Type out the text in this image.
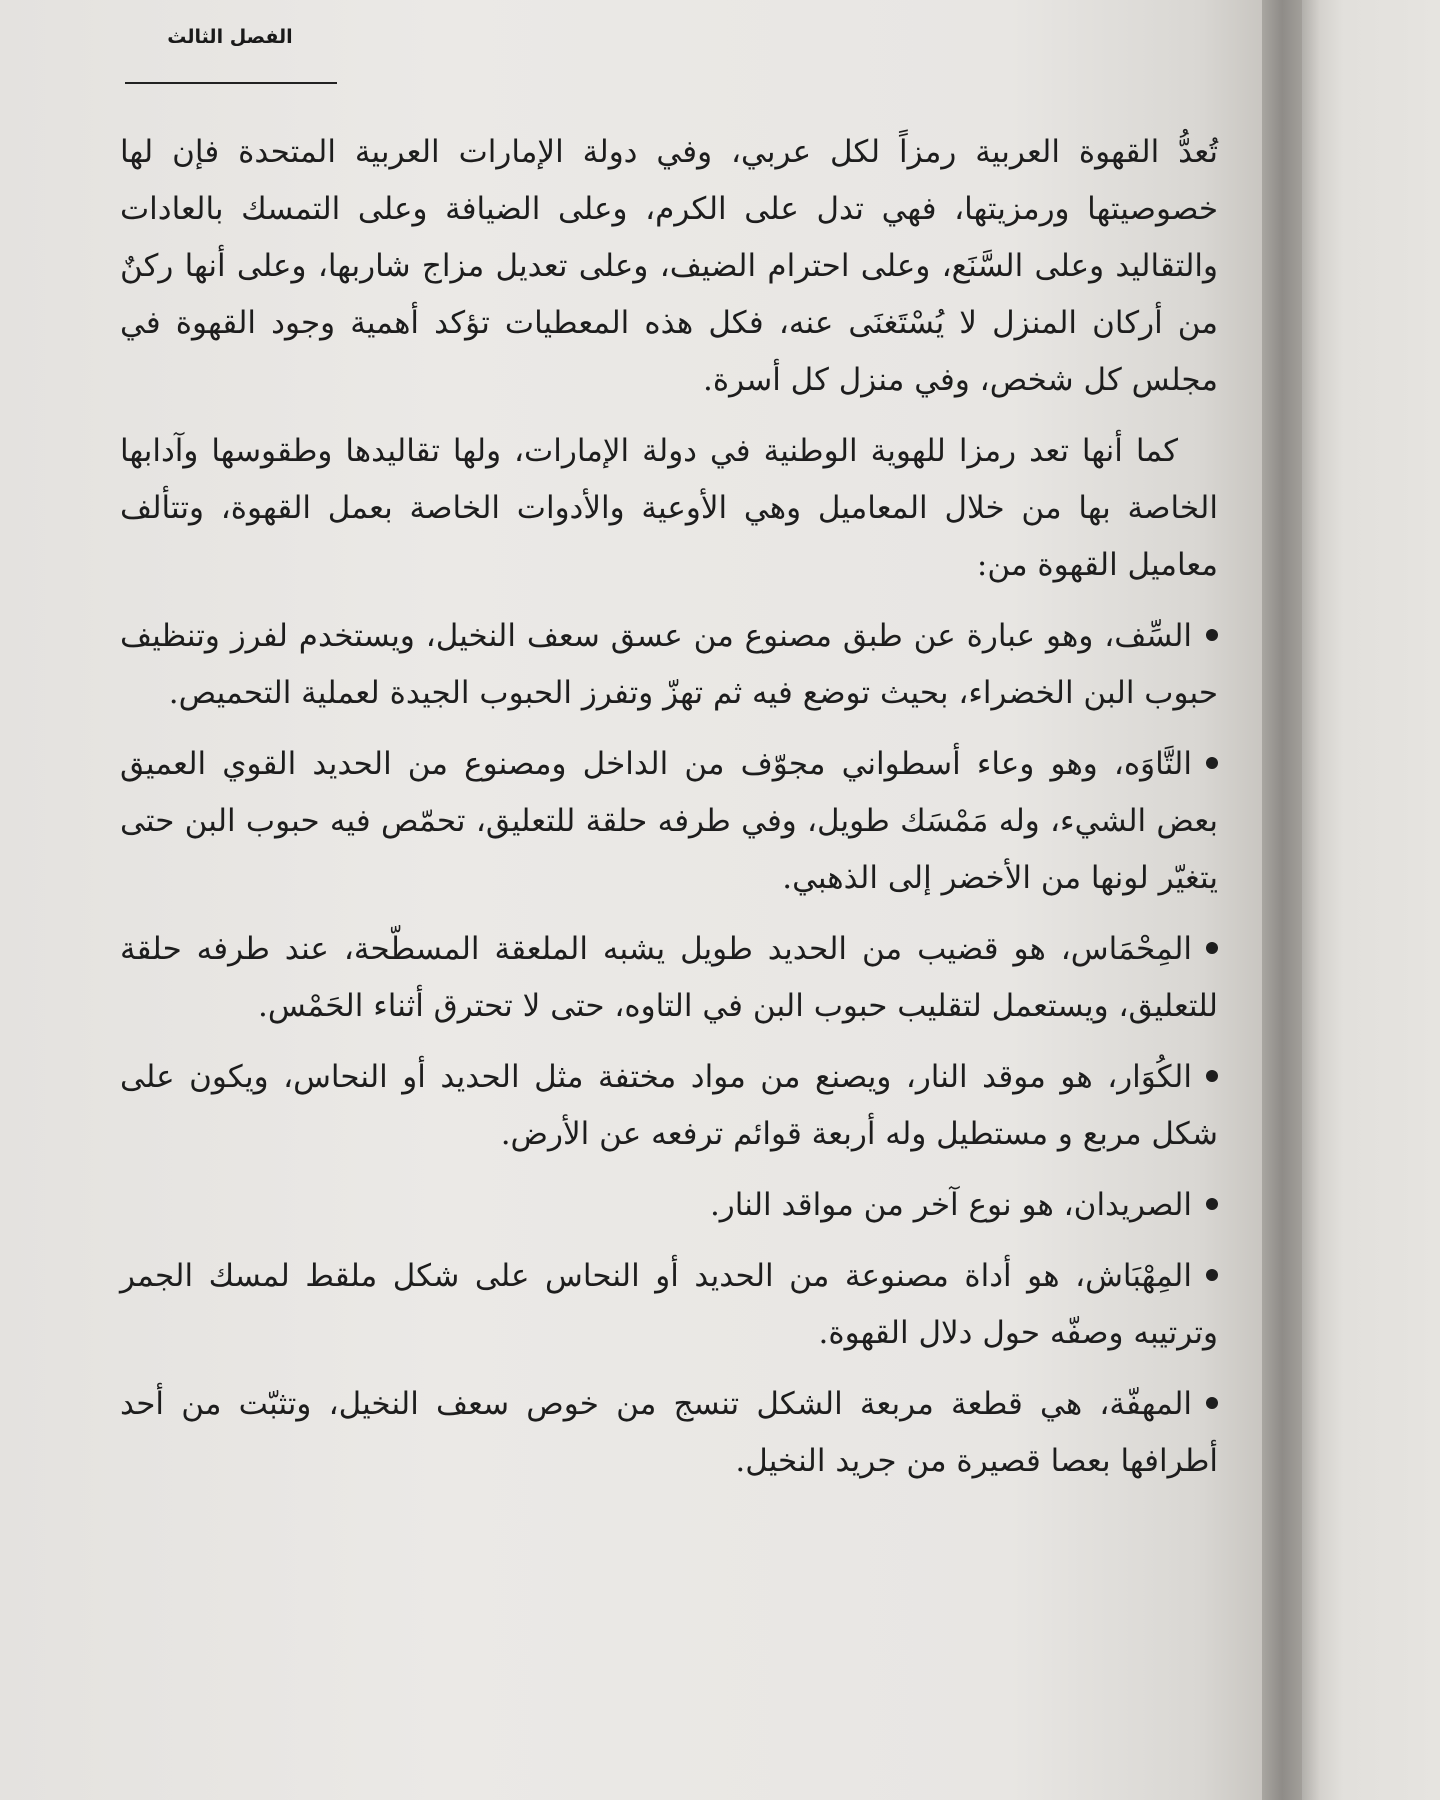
الفصل الثالث

تُعدُّ القهوة العربية رمزاً لكل عربي، وفي دولة الإمارات العربية المتحدة فإن لها خصوصيتها ورمزيتها، فهي تدل على الكرم، وعلى الضيافة وعلى التمسك بالعادات والتقاليد وعلى السَّنَع، وعلى احترام الضيف، وعلى تعديل مزاج شاربها، وعلى أنها ركنٌ من أركان المنزل لا يُسْتَغنَى عنه، فكل هذه المعطيات تؤكد أهمية وجود القهوة في مجلس كل شخص، وفي منزل كل أسرة.

كما أنها تعد رمزا للهوية الوطنية في دولة الإمارات، ولها تقاليدها وطقوسها وآدابها الخاصة بها من خلال المعاميل وهي الأوعية والأدوات الخاصة بعمل القهوة، وتتألف معاميل القهوة من:

السِّف، وهو عبارة عن طبق مصنوع من عسق سعف النخيل، ويستخدم لفرز وتنظيف حبوب البن الخضراء، بحيث توضع فيه ثم تهزّ وتفرز الحبوب الجيدة لعملية التحميص.

التَّاوَه، وهو وعاء أسطواني مجوّف من الداخل ومصنوع من الحديد القوي العميق بعض الشيء، وله مَمْسَك طويل، وفي طرفه حلقة للتعليق، تحمّص فيه حبوب البن حتى يتغيّر لونها من الأخضر إلى الذهبي.

المِحْمَاس، هو قضيب من الحديد طويل يشبه الملعقة المسطّحة، عند طرفه حلقة للتعليق، ويستعمل لتقليب حبوب البن في التاوه، حتى لا تحترق أثناء الحَمْس.

الكُوَار، هو موقد النار، ويصنع من مواد مختفة مثل الحديد أو النحاس، ويكون على شكل مربع و مستطيل وله أربعة قوائم ترفعه عن الأرض.

الصريدان، هو نوع آخر من مواقد النار.

المِهْبَاش، هو أداة مصنوعة من الحديد أو النحاس على شكل ملقط لمسك الجمر وترتيبه وصفّه حول دلال القهوة.

المهفّة، هي قطعة مربعة الشكل تنسج من خوص سعف النخيل، وتثبّت من أحد أطرافها بعصا قصيرة من جريد النخيل.
